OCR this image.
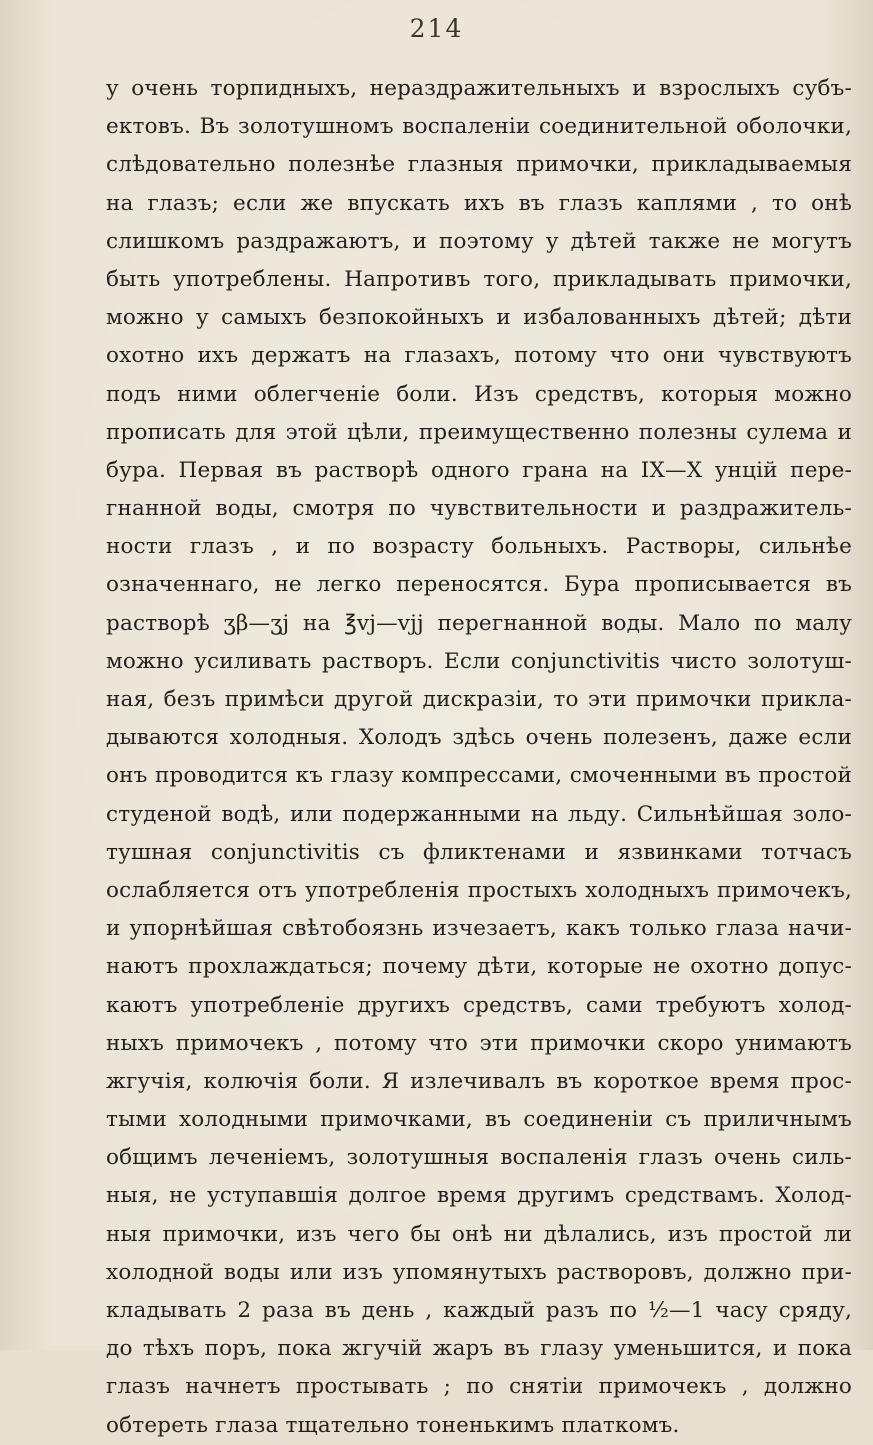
214
у очень торпидныхъ, нераздражительныхъ и взрослыхъ субъ-
ектовъ. Въ золотушномъ воспаленіи соединительной оболочки,
слѣдовательно полезнѣе глазныя примочки, прикладываемыя
на глазъ; если же впускать ихъ въ глазъ каплями , то онѣ
слишкомъ раздражаютъ, и поэтому у дѣтей также не могутъ
быть употреблены. Напротивъ того, прикладывать примочки,
можно у самыхъ безпокойныхъ и избалованныхъ дѣтей; дѣти
охотно ихъ держатъ на глазахъ, потому что они чувствуютъ
подъ ними облегченіе боли. Изъ средствъ, которыя можно
прописать для этой цѣли, преимущественно полезны сулема и
бура. Первая въ растворѣ одного грана на IX—X унцій пере-
гнанной воды, смотря по чувствительности и раздражитель-
ности глазъ , и по возрасту больныхъ. Растворы, сильнѣе
означеннаго, не легко переносятся. Бура прописывается въ
растворѣ ʒβ—ʒj на ℥vj—vjj перегнанной воды. Мало по малу
можно усиливать растворъ. Если conjunctivitis чисто золотуш-
ная, безъ примѣси другой дискразіи, то эти примочки прикла-
дываются холодныя. Холодъ здѣсь очень полезенъ, даже если
онъ проводится къ глазу компрессами, смоченными въ простой
студеной водѣ, или подержанными на льду. Сильнѣйшая золо-
тушная conjunctivitis съ фликтенами и язвинками тотчасъ
ослабляется отъ употребленія простыхъ холодныхъ примочекъ,
и упорнѣйшая свѣтобоязнь изчезаетъ, какъ только глаза начи-
наютъ прохлаждаться; почему дѣти, которые не охотно допус-
каютъ употребленіе другихъ средствъ, сами требуютъ холод-
ныхъ примочекъ , потому что эти примочки скоро унимаютъ
жгучія, колючія боли. Я излечивалъ въ короткое время прос-
тыми холодными примочками, въ соединеніи съ приличнымъ
общимъ леченіемъ, золотушныя воспаленія глазъ очень силь-
ныя, не уступавшія долгое время другимъ средствамъ. Холод-
ныя примочки, изъ чего бы онѣ ни дѣлались, изъ простой ли
холодной воды или изъ упомянутыхъ растворовъ, должно при-
кладывать 2 раза въ день , каждый разъ по ½—1 часу сряду,
до тѣхъ поръ, пока жгучій жаръ въ глазу уменьшится, и пока
глазъ начнетъ простывать ; по снятіи примочекъ , должно
обтереть глаза тщательно тоненькимъ платкомъ.
